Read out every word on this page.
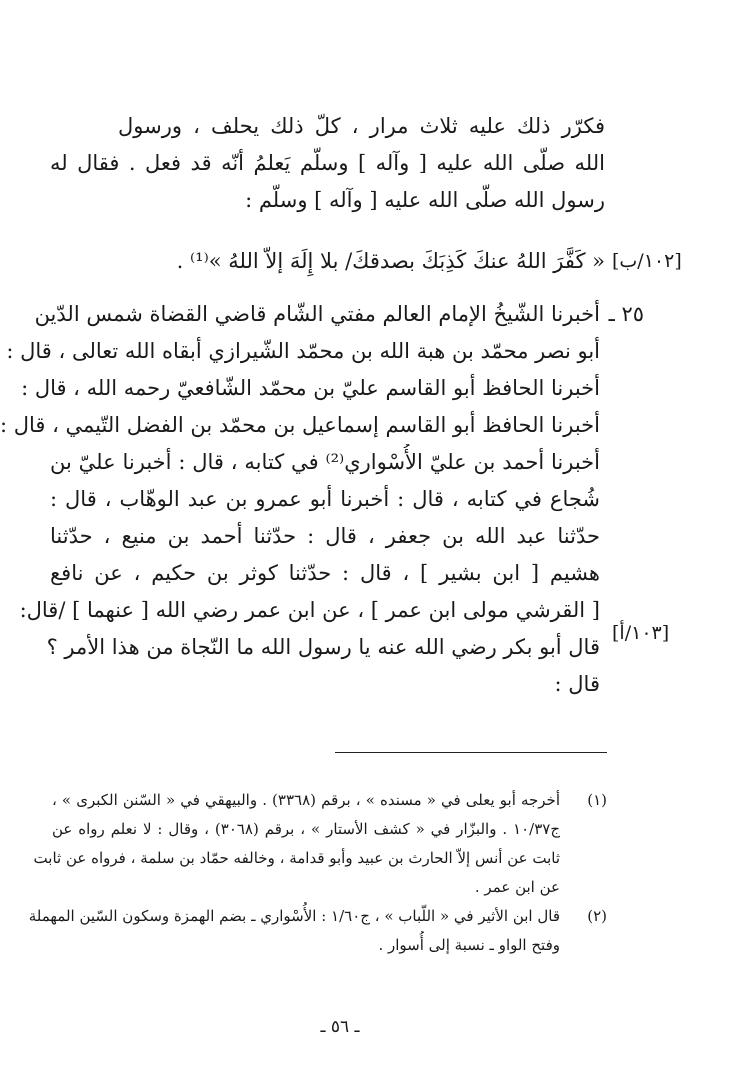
فكرّر ذلك عليه ثلاث مرار ، كلّ ذلك يحلف ، ورسول
الله صلّى الله عليه [ وآله ] وسلّم يَعلمُ أنّه قد فعل . فقال له
رسول الله صلّى الله عليه [ وآله ] وسلّم :
« كَفَّرَ اللهُ عنكَ كَذِبَكَ بصدقكَ/ بلا إِلَهَ إلاّ اللهُ »⁽¹⁾ . [١٠٢/ب]
[١٠٣/أ]
٢٥ ـ
أخبرنا الشّيخُ الإمام العالم مفتي الشّام قاضي القضاة شمس الدّين
أبو نصر محمّد بن هبة الله بن محمّد الشّيرازي أبقاه الله تعالى ، قال :
أخبرنا الحافظ أبو القاسم عليّ بن محمّد الشّافعيّ رحمه الله ، قال :
أخبرنا الحافظ أبو القاسم إسماعيل بن محمّد بن الفضل التّيمي ، قال :
أخبرنا أحمد بن عليّ الأُسْواري⁽²⁾ في كتابه ، قال : أخبرنا عليّ بن
شُجاع في كتابه ، قال : أخبرنا أبو عمرو بن عبد الوهّاب ، قال :
حدّثنا عبد الله بن جعفر ، قال : حدّثنا أحمد بن منيع ، حدّثنا
هشيم [ ابن بشير ] ، قال : حدّثنا كوثر بن حكيم ، عن نافع
[ القرشي مولى ابن عمر ] ، عن ابن عمر رضي الله [ عنهما ] /قال:
قال أبو بكر رضي الله عنه يا رسول الله ما النّجاة من هذا الأمر ؟
قال :
(١)
أخرجه أبو يعلى في « مسنده » ، برقم (٣٣٦٨) . والبيهقي في « السّنن الكبرى » ،
ج١٠/٣٧ . والبزّار في « كشف الأستار » ، برقم (٣٠٦٨) ، وقال : لا نعلم رواه عن
ثابت عن أنس إلاّ الحارث بن عبيد وأبو قدامة ، وخالفه حمّاد بن سلمة ، فرواه عن ثابت
عن ابن عمر .
(٢)
قال ابن الأثير في « اللّباب » ، ج١/٦٠ : الأُسْواري ـ بضم الهمزة وسكون السّين المهملة
وفتح الواو ـ نسبة إلى أُسوار .
ـ ٥٦ ـ
